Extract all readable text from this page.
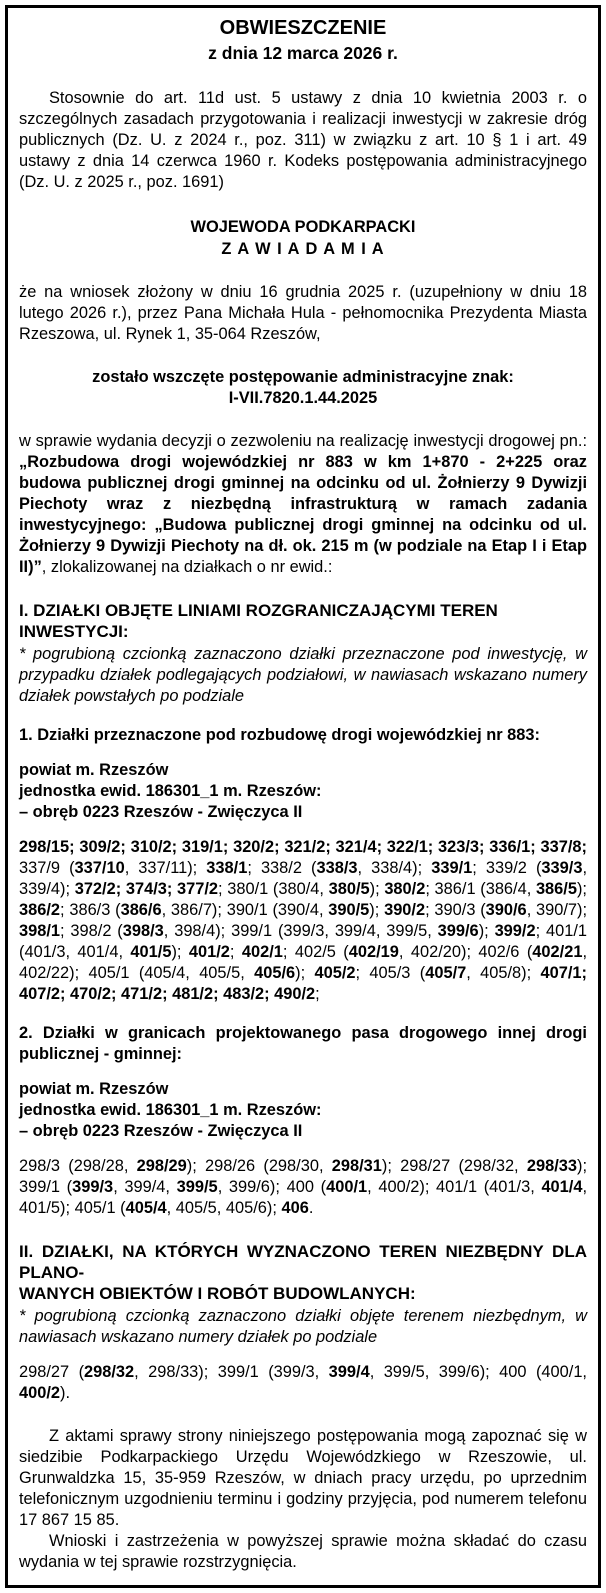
OBWIESZCZENIE
z dnia 12 marca 2026 r.

Stosownie do art. 11d ust. 5 ustawy z dnia 10 kwietnia 2003 r. o szczególnych zasadach przygotowania i realizacji inwestycji w zakresie dróg publicznych (Dz. U. z 2024 r., poz. 311) w związku z art. 10 § 1 i art. 49 ustawy z dnia 14 czerwca 1960 r. Kodeks postępowania administracyjnego (Dz. U. z 2025 r., poz. 1691)

WOJEWODA PODKARPACKI
Z A W I A D A M I A

że na wniosek złożony w dniu 16 grudnia 2025 r. (uzupełniony w dniu 18 lutego 2026 r.), przez Pana Michała Hula - pełnomocnika Prezydenta Miasta Rzeszowa, ul. Rynek 1, 35-064 Rzeszów,

zostało wszczęte postępowanie administracyjne znak:
I-VII.7820.1.44.2025

w sprawie wydania decyzji o zezwoleniu na realizację inwestycji drogowej pn.: „Rozbudowa drogi wojewódzkiej nr 883 w km 1+870 - 2+225 oraz budowa publicznej drogi gminnej na odcinku od ul. Żołnierzy 9 Dywizji Piechoty wraz z niezbędną infrastrukturą w ramach zadania inwestycyjnego: „Budowa publicznej drogi gminnej na odcinku od ul. Żołnierzy 9 Dywizji Piechoty na dł. ok. 215 m (w podziale na Etap I i Etap II)”, zlokalizowanej na działkach o nr ewid.:

I. DZIAŁKI OBJĘTE LINIAMI ROZGRANICZAJĄCYMI TEREN INWESTYCJI:

* pogrubioną czcionką zaznaczono działki przeznaczone pod inwestycję, w przypadku działek podlegających podziałowi, w nawiasach wskazano numery działek powstałych po podziale

1. Działki przeznaczone pod rozbudowę drogi wojewódzkiej nr 883:
powiat m. Rzeszów
jednostka ewid. 186301_1 m. Rzeszów:
– obręb 0223 Rzeszów - Zwięczyca II

298/15; 309/2; 310/2; 319/1; 320/2; 321/2; 321/4; 322/1; 323/3; 336/1; 337/8; 337/9 (337/10, 337/11); 338/1; 338/2 (338/3, 338/4); 339/1; 339/2 (339/3, 339/4); 372/2; 374/3; 377/2; 380/1 (380/4, 380/5); 380/2; 386/1 (386/4, 386/5); 386/2; 386/3 (386/6, 386/7); 390/1 (390/4, 390/5); 390/2; 390/3 (390/6, 390/7); 398/1; 398/2 (398/3, 398/4); 399/1 (399/3, 399/4, 399/5, 399/6); 399/2; 401/1 (401/3, 401/4, 401/5); 401/2; 402/1; 402/5 (402/19, 402/20); 402/6 (402/21, 402/22); 405/1 (405/4, 405/5, 405/6); 405/2; 405/3 (405/7, 405/8); 407/1; 407/2; 470/2; 471/2; 481/2; 483/2; 490/2;

2. Działki w granicach projektowanego pasa drogowego innej drogi publicznej - gminnej:
powiat m. Rzeszów
jednostka ewid. 186301_1 m. Rzeszów:
– obręb 0223 Rzeszów - Zwięczyca II

298/3 (298/28, 298/29); 298/26 (298/30, 298/31); 298/27 (298/32, 298/33); 399/1 (399/3, 399/4, 399/5, 399/6); 400 (400/1, 400/2); 401/1 (401/3, 401/4, 401/5); 405/1 (405/4, 405/5, 405/6); 406.

II. DZIAŁKI, NA KTÓRYCH WYZNACZONO TEREN NIEZBĘDNY DLA PLANO-
WANYCH OBIEKTÓW I ROBÓT BUDOWLANYCH:

* pogrubioną czcionką zaznaczono działki objęte terenem niezbędnym, w nawiasach wskazano numery działek po podziale

298/27 (298/32, 298/33); 399/1 (399/3, 399/4, 399/5, 399/6); 400 (400/1, 400/2).

Z aktami sprawy strony niniejszego postępowania mogą zapoznać się w siedzibie Podkarpackiego Urzędu Wojewódzkiego w Rzeszowie, ul. Grunwaldzka 15, 35-959 Rzeszów, w dniach pracy urzędu, po uprzednim telefonicznym uzgodnieniu terminu i godziny przyjęcia, pod numerem telefonu 17 867 15 85.

Wnioski i zastrzeżenia w powyższej sprawie można składać do czasu wydania w tej sprawie rozstrzygnięcia.
